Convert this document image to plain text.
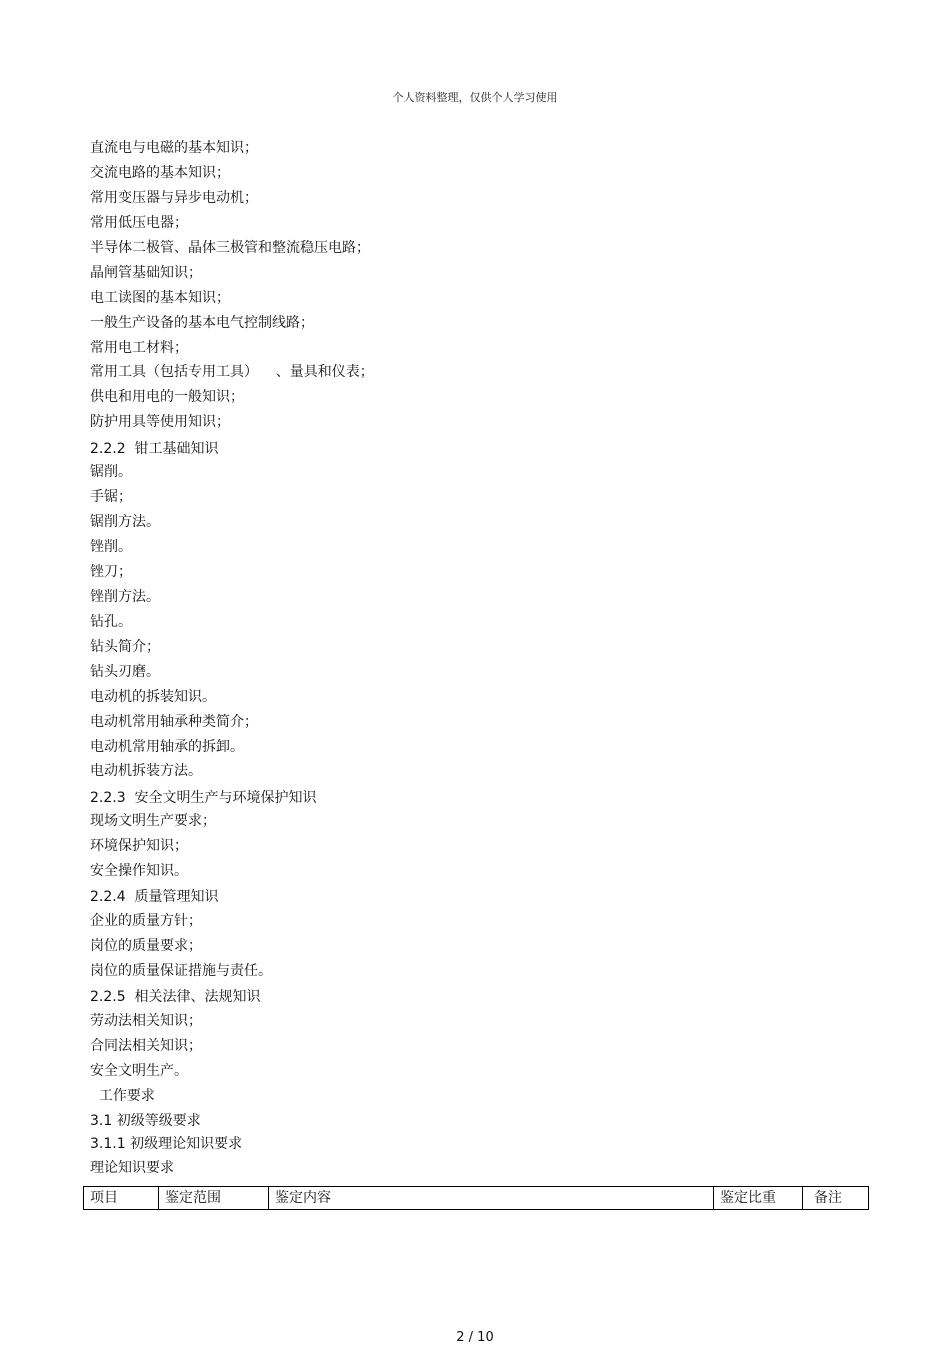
个人资料整理，仅供个人学习使用
直流电与电磁的基本知识；
交流电路的基本知识；
常用变压器与异步电动机；
常用低压电器；
半导体二极管、晶体三极管和整流稳压电路；
晶闸管基础知识；
电工读图的基本知识；
一般生产设备的基本电气控制线路；
常用电工材料；
常用工具（包括专用工具）    、量具和仪表；
供电和用电的一般知识；
防护用具等使用知识；
2.2.2  钳工基础知识
锯削。
手锯；
锯削方法。
锉削。
锉刀；
锉削方法。
钻孔。
钻头简介；
钻头刃磨。
电动机的拆装知识。
电动机常用轴承种类简介；
电动机常用轴承的拆卸。
电动机拆装方法。
2.2.3  安全文明生产与环境保护知识
现场文明生产要求；
环境保护知识；
安全操作知识。
2.2.4  质量管理知识
企业的质量方针；
岗位的质量要求；
岗位的质量保证措施与责任。
2.2.5  相关法律、法规知识
劳动法相关知识；
合同法相关知识；
安全文明生产。
工作要求
3.1 初级等级要求
3.1.1 初级理论知识要求
理论知识要求
项目	鉴定范围	鉴定内容	鉴定比重	备注
2 / 10
